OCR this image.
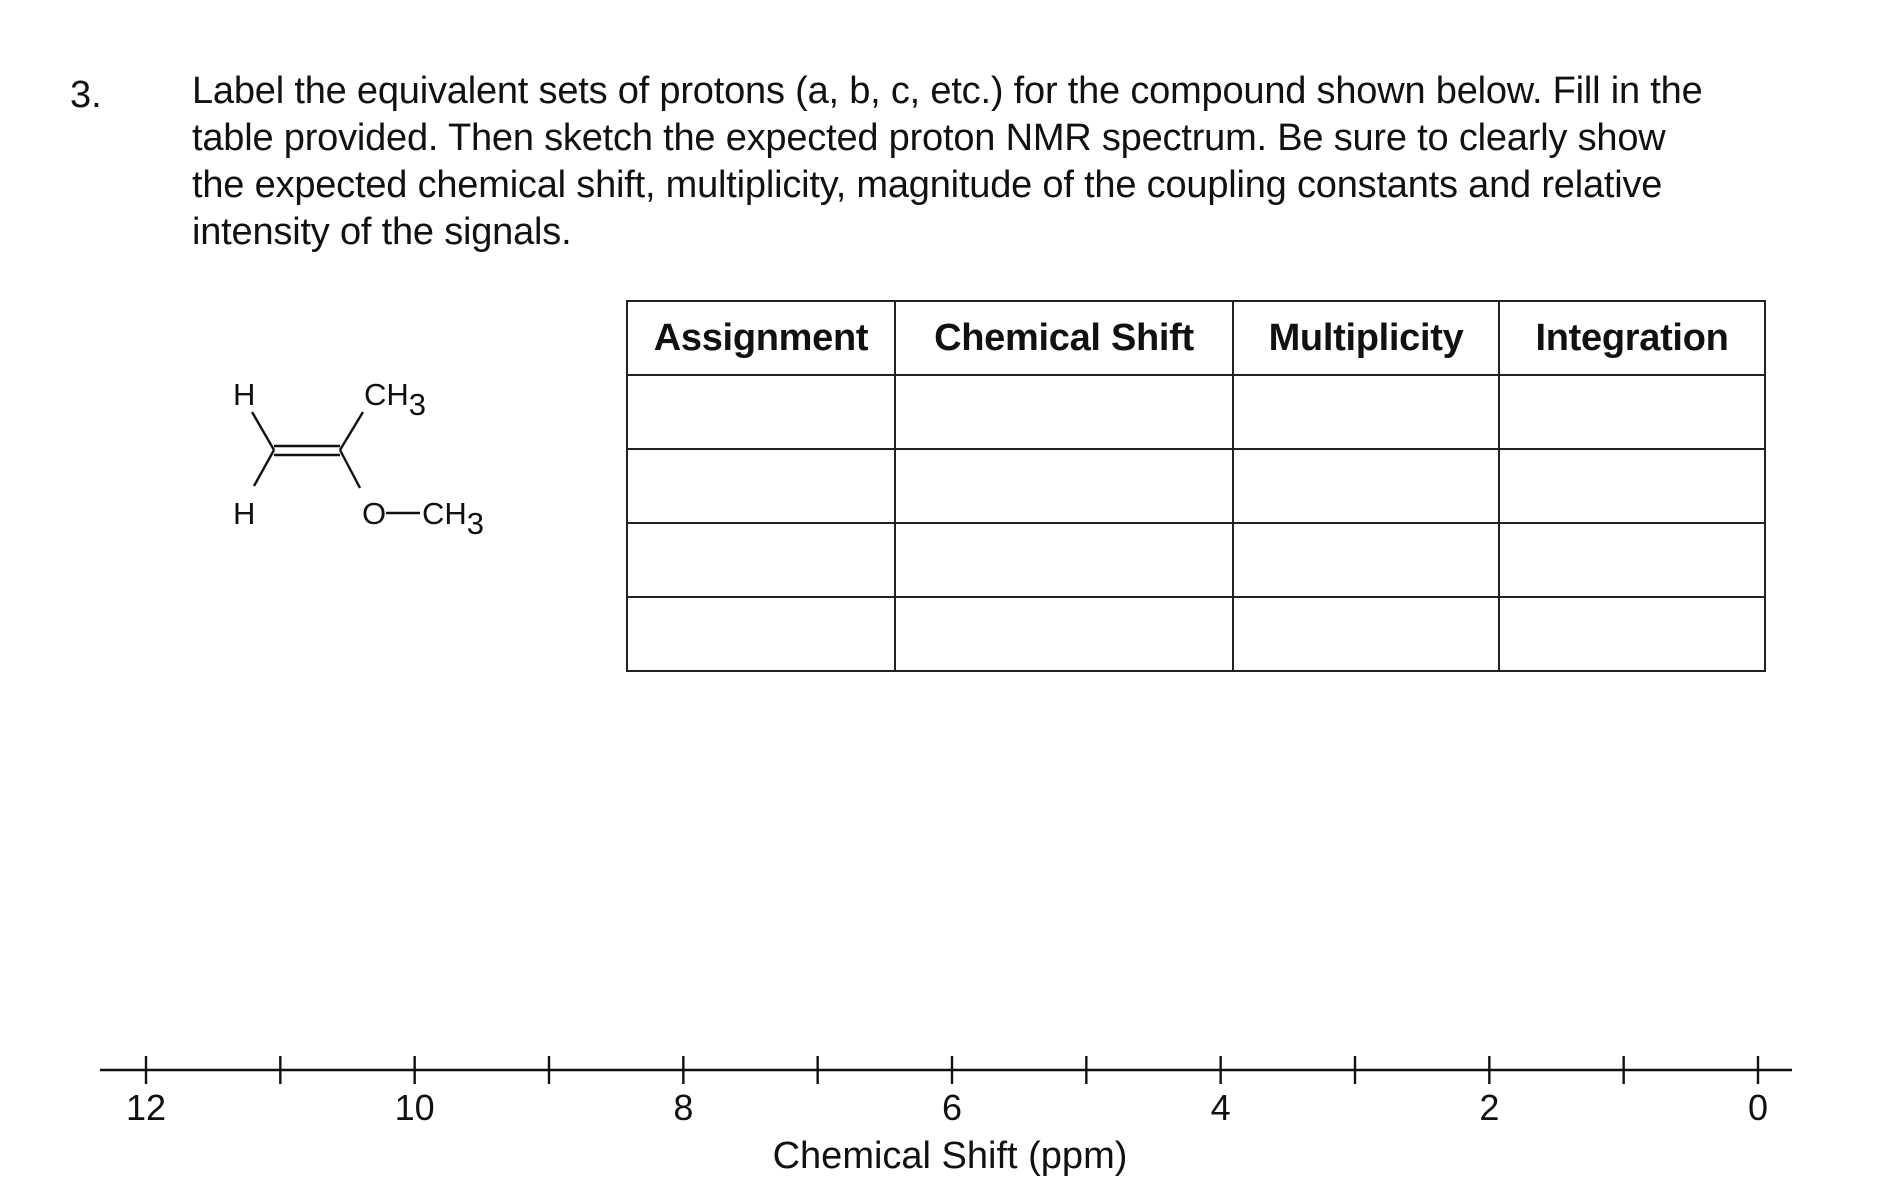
3. Label the equivalent sets of protons (a, b, c, etc.) for the compound shown below. Fill in the
table provided. Then sketch the expected proton NMR spectrum. Be sure to clearly show
the expected chemical shift, multiplicity, magnitude of the coupling constants and relative
intensity of the signals.
H
H
CH3
O CH3
Assignment	Chemical Shift	Multiplicity	Integration

12	10	8	6	4	2	0
Chemical Shift (ppm)
